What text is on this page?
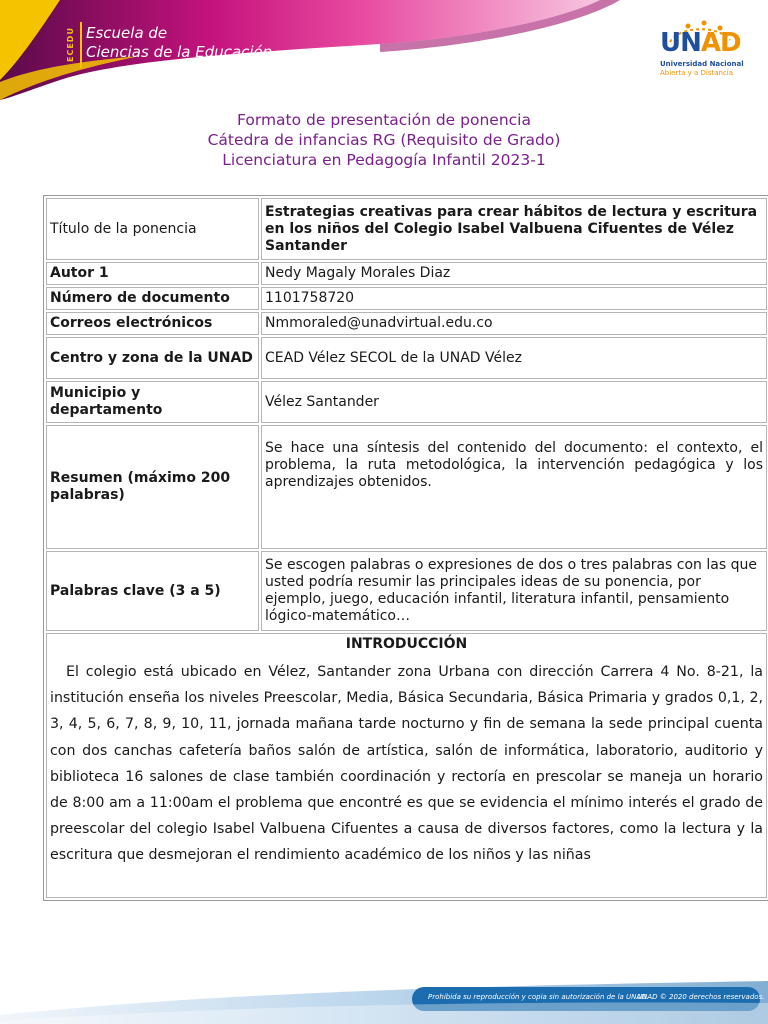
ECEDU Escuela de
Ciencias de la Educación	UNAD
Universidad Nacional
Abierta y a Distancia
Formato de presentación de ponencia
Cátedra de infancias RG (Requisito de Grado)
Licenciatura en Pedagogía Infantil 2023-1
Título de la ponencia	Estrategias creativas para crear hábitos de lectura y escritura en los niños del Colegio Isabel Valbuena Cifuentes de Vélez Santander
Autor 1	Nedy Magaly Morales Diaz
Número de documento	1101758720
Correos electrónicos	Nmmoraled@unadvirtual.edu.co
Centro y zona de la UNAD	CEAD Vélez SECOL de la UNAD Vélez
Municipio y departamento	Vélez Santander
Resumen (máximo 200 palabras)	Se hace una síntesis del contenido del documento: el contexto, el problema, la ruta metodológica, la intervención pedagógica y los aprendizajes obtenidos.
Palabras clave (3 a 5)	Se escogen palabras o expresiones de dos o tres palabras con las que usted podría resumir las principales ideas de su ponencia, por ejemplo, juego, educación infantil, literatura infantil, pensamiento lógico-matemático…

INTRODUCCIÓN
El colegio está ubicado en Vélez, Santander zona Urbana con dirección Carrera 4 No. 8-21, la institución enseña los niveles Preescolar, Media, Básica Secundaria, Básica Primaria y grados 0,1, 2, 3, 4, 5, 6, 7, 8, 9, 10, 11, jornada mañana tarde nocturno y fin de semana la sede principal cuenta con dos canchas cafetería baños salón de artística, salón de informática, laboratorio, auditorio y biblioteca 16 salones de clase también coordinación y rectoría en prescolar se maneja un horario de 8:00 am a 11:00am el problema que encontré es que se evidencia el mínimo interés el grado de preescolar del colegio Isabel Valbuena Cifuentes a causa de diversos factores, como la lectura y la escritura que desmejoran el rendimiento académico de los niños y las niñas	
Prohibida su reproducción y copia sin autorización de la UNAD.
UNAD © 2020 derechos reservados.
